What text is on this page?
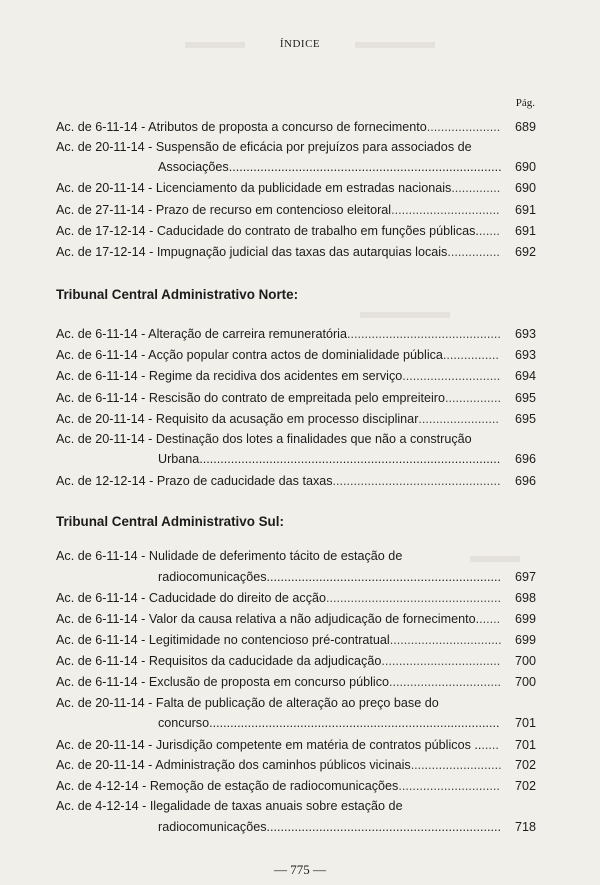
ÍNDICE
Pág.
Ac. de 6-11-14 - Atributos de proposta a concurso de fornecimento.....................	689
Ac. de 20-11-14 - Suspensão de eficácia por prejuízos para associados de
Associações..............................................................................	690
Ac. de 20-11-14 - Licenciamento da publicidade em estradas nacionais..............	690
Ac. de 27-11-14 - Prazo de recurso em contencioso eleitoral...............................	691
Ac. de 17-12-14 - Caducidade do contrato de trabalho em funções públicas.......	691
Ac. de 17-12-14 - Impugnação judicial das taxas das autarquias locais...............	692
Tribunal Central Administrativo Norte:
Ac. de 6-11-14 - Alteração de carreira remuneratória............................................	693
Ac. de 6-11-14 - Acção popular contra actos de dominialidade pública................	693
Ac. de 6-11-14 - Regime da recidiva dos acidentes em serviço............................	694
Ac. de 6-11-14 - Rescisão do contrato de empreitada pelo empreiteiro................	695
Ac. de 20-11-14 - Requisito da acusação em processo disciplinar.......................	695
Ac. de 20-11-14 - Destinação dos lotes a finalidades que não a construção
Urbana......................................................................................	696
Ac. de 12-12-14 - Prazo de caducidade das taxas................................................	696
Tribunal Central Administrativo Sul:
Ac. de 6-11-14 - Nulidade de deferimento tácito de estação de
radiocomunicações...................................................................	697
Ac. de 6-11-14 - Caducidade do direito de acção..................................................	698
Ac. de 6-11-14 - Valor da causa relativa a não adjudicação de fornecimento.......	699
Ac. de 6-11-14 - Legitimidade no contencioso pré-contratual................................	699
Ac. de 6-11-14 - Requisitos da caducidade da adjudicação..................................	700
Ac. de 6-11-14 - Exclusão de proposta em concurso público................................	700
Ac. de 20-11-14 - Falta de publicação de alteração ao preço base do
concurso...................................................................................	701
Ac. de 20-11-14 - Jurisdição competente em matéria de contratos públicos .......	701
Ac. de 20-11-14 - Administração dos caminhos públicos vicinais..........................	702
Ac. de 4-12-14 - Remoção de estação de radiocomunicações.............................	702
Ac. de 4-12-14 - Ilegalidade de taxas anuais sobre estação de
radiocomunicações...................................................................	718
— 775 —
